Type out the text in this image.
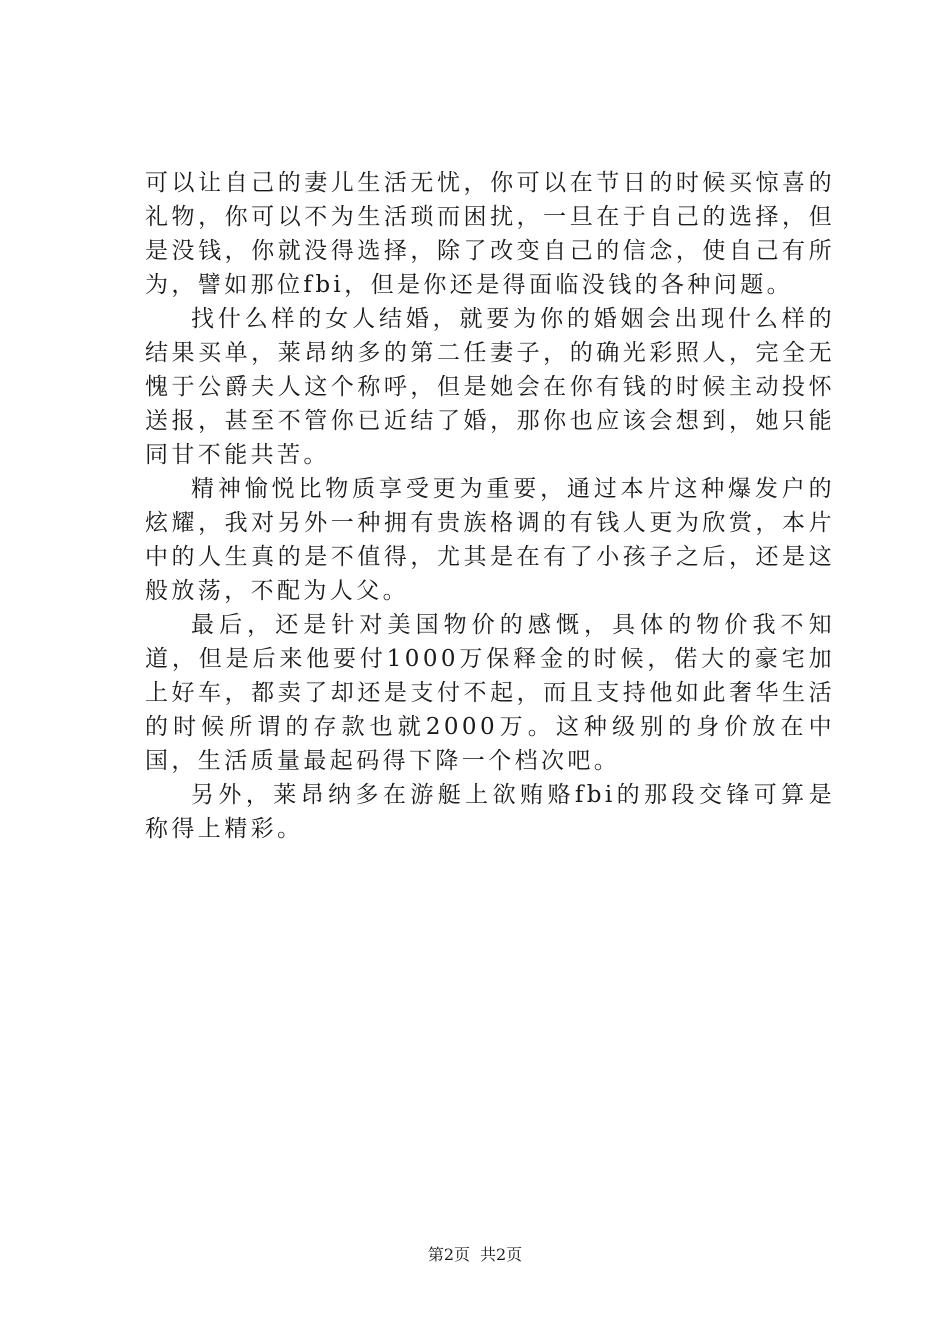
可以让自己的妻儿生活无忧，你可以在节日的时候买惊喜的礼物，你可以不为生活琐而困扰，一旦在于自己的选择，但是没钱，你就没得选择，除了改变自己的信念，使自己有所为，譬如那位fbi，但是你还是得面临没钱的各种问题。

找什么样的女人结婚，就要为你的婚姻会出现什么样的结果买单，莱昂纳多的第二任妻子，的确光彩照人，完全无愧于公爵夫人这个称呼，但是她会在你有钱的时候主动投怀送报，甚至不管你已近结了婚，那你也应该会想到，她只能同甘不能共苦。

精神愉悦比物质享受更为重要，通过本片这种爆发户的炫耀，我对另外一种拥有贵族格调的有钱人更为欣赏，本片中的人生真的是不值得，尤其是在有了小孩子之后，还是这般放荡，不配为人父。

最后，还是针对美国物价的感慨，具体的物价我不知道，但是后来他要付1000万保释金的时候，偌大的豪宅加上好车，都卖了却还是支付不起，而且支持他如此奢华生活的时候所谓的存款也就2000万。这种级别的身价放在中国，生活质量最起码得下降一个档次吧。

另外，莱昂纳多在游艇上欲贿赂fbi的那段交锋可算是称得上精彩。

第2页 共2页
